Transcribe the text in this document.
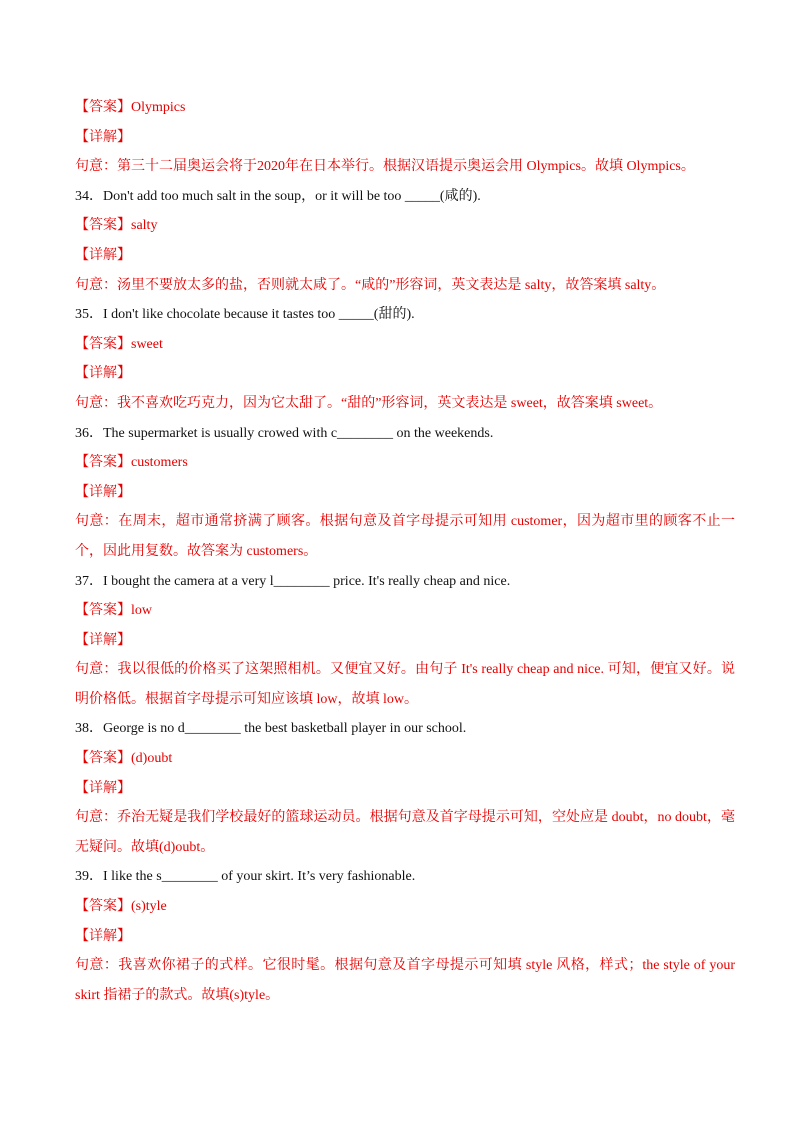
【答案】Olympics
【详解】
句意：第三十二届奥运会将于2020年在日本举行。根据汉语提示奥运会用 Olympics。故填 Olympics。
34．Don't add too much salt in the soup，or it will be too _____(咸的).
【答案】salty
【详解】
句意：汤里不要放太多的盐，否则就太咸了。“咸的”形容词，英文表达是 salty，故答案填 salty。
35．I don't like chocolate because it tastes too _____(甜的).
【答案】sweet
【详解】
句意：我不喜欢吃巧克力，因为它太甜了。“甜的”形容词，英文表达是 sweet，故答案填 sweet。
36．The supermarket is usually crowed with c________ on the weekends.
【答案】customers
【详解】
句意：在周末，超市通常挤满了顾客。根据句意及首字母提示可知用 customer，因为超市里的顾客不止一个，因此用复数。故答案为 customers。
37．I bought the camera at a very l________ price. It's really cheap and nice.
【答案】low
【详解】
句意：我以很低的价格买了这架照相机。又便宜又好。由句子 It's really cheap and nice. 可知，便宜又好。说明价格低。根据首字母提示可知应该填 low，故填 low。
38．George is no d________ the best basketball player in our school.
【答案】(d)oubt
【详解】
句意：乔治无疑是我们学校最好的篮球运动员。根据句意及首字母提示可知，空处应是 doubt，no doubt，毫无疑问。故填(d)oubt。
39．I like the s________ of your skirt. It’s very fashionable.
【答案】(s)tyle
【详解】
句意：我喜欢你裙子的式样。它很时髦。根据句意及首字母提示可知填 style 风格，样式；the style of your skirt 指裙子的款式。故填(s)tyle。
